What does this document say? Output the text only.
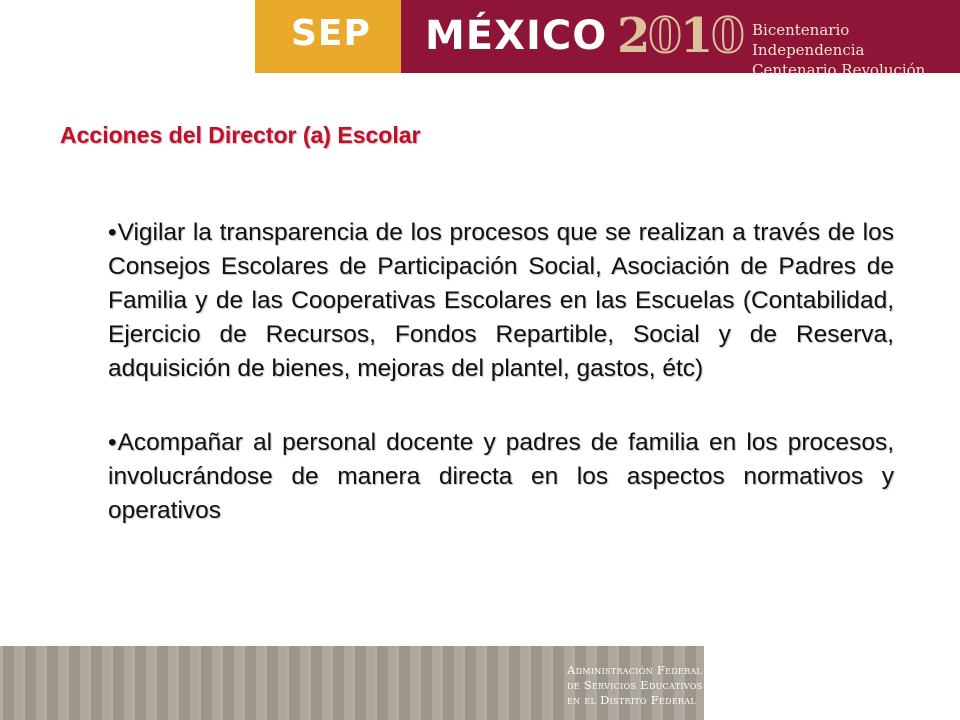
SEP MÉXICO 2010 Bicentenario Independencia
Centenario Revolución
Acciones del Director (a) Escolar
•Vigilar la transparencia de los procesos que se realizan a través de los Consejos Escolares de Participación Social, Asociación de Padres de Familia y de las Cooperativas Escolares en las Escuelas (Contabilidad, Ejercicio de Recursos, Fondos Repartible, Social y de Reserva, adquisición de bienes, mejoras del plantel, gastos, étc)
•Acompañar al personal docente y padres de familia en los procesos, involucrándose de manera directa en los aspectos normativos y operativos
Administración Federal
de Servicios Educativos
en el Distrito Federal
